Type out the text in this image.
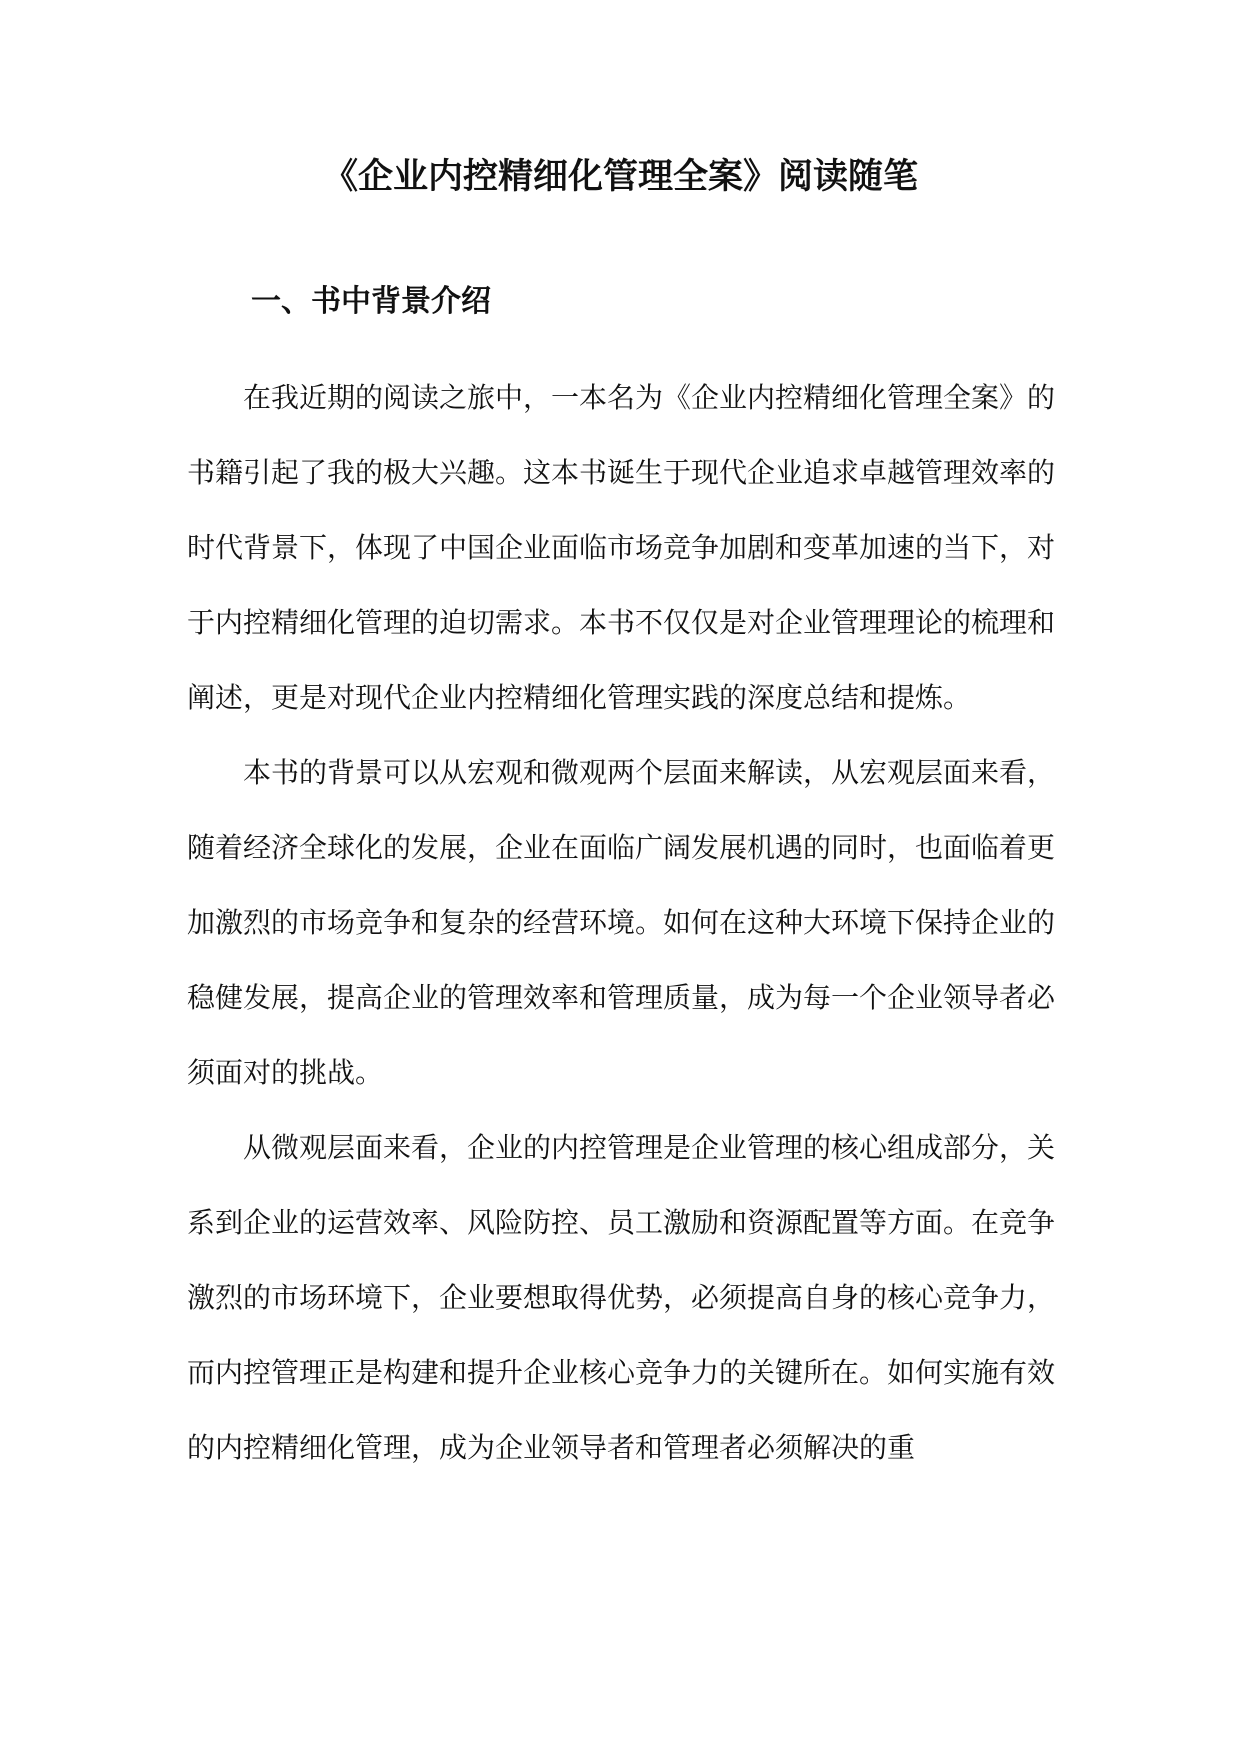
《企业内控精细化管理全案》阅读随笔
一、书中背景介绍

在我近期的阅读之旅中，一本名为《企业内控精细化管理全案》的书籍引起了我的极大兴趣。这本书诞生于现代企业追求卓越管理效率的时代背景下，体现了中国企业面临市场竞争加剧和变革加速的当下，对于内控精细化管理的迫切需求。本书不仅仅是对企业管理理论的梳理和阐述，更是对现代企业内控精细化管理实践的深度总结和提炼。

本书的背景可以从宏观和微观两个层面来解读，从宏观层面来看，随着经济全球化的发展，企业在面临广阔发展机遇的同时，也面临着更加激烈的市场竞争和复杂的经营环境。如何在这种大环境下保持企业的稳健发展，提高企业的管理效率和管理质量，成为每一个企业领导者必须面对的挑战。

从微观层面来看，企业的内控管理是企业管理的核心组成部分，关系到企业的运营效率、风险防控、员工激励和资源配置等方面。在竞争激烈的市场环境下，企业要想取得优势，必须提高自身的核心竞争力，而内控管理正是构建和提升企业核心竞争力的关键所在。如何实施有效的内控精细化管理，成为企业领导者和管理者必须解决的重
